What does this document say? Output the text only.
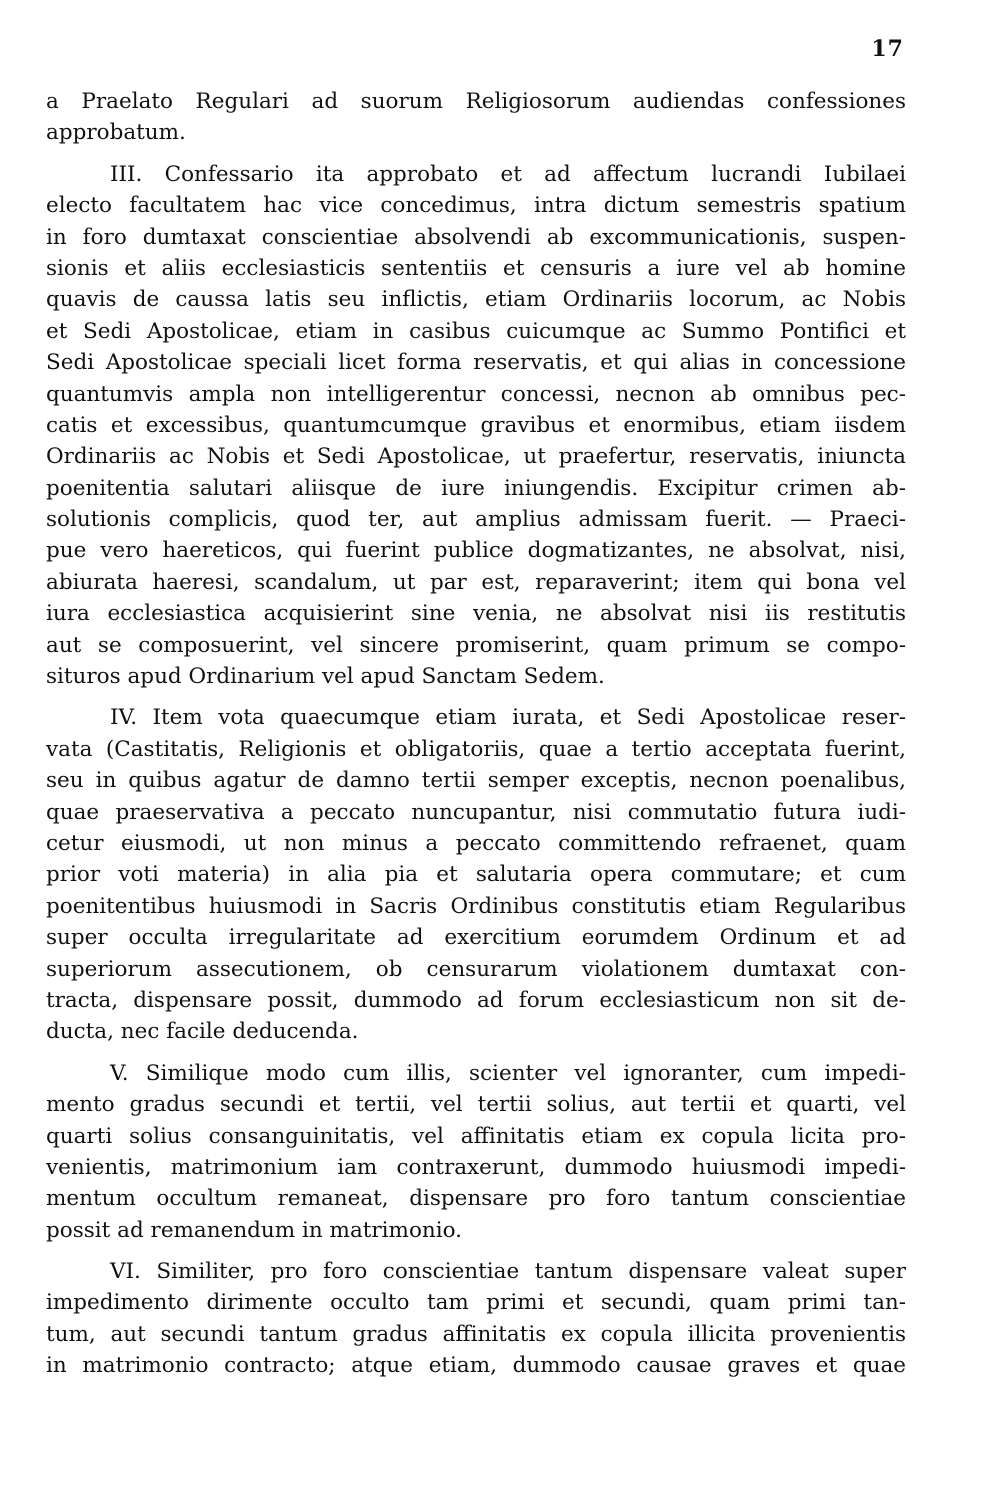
17
a Praelato Regulari ad suorum Religiosorum audiendas confessiones
approbatum.
III. Confessario ita approbato et ad affectum lucrandi Iubilaei
electo facultatem hac vice concedimus, intra dictum semestris spatium
in foro dumtaxat conscientiae absolvendi ab excommunicationis, suspen-
sionis et aliis ecclesiasticis sententiis et censuris a iure vel ab homine
quavis de caussa latis seu inflictis, etiam Ordinariis locorum, ac Nobis
et Sedi Apostolicae, etiam in casibus cuicumque ac Summo Pontifici et
Sedi Apostolicae speciali licet forma reservatis, et qui alias in concessione
quantumvis ampla non intelligerentur concessi, necnon ab omnibus pec-
catis et excessibus, quantumcumque gravibus et enormibus, etiam iisdem
Ordinariis ac Nobis et Sedi Apostolicae, ut praefertur, reservatis, iniuncta
poenitentia salutari aliisque de iure iniungendis. Excipitur crimen ab-
solutionis complicis, quod ter, aut amplius admissam fuerit. — Praeci-
pue vero haereticos, qui fuerint publice dogmatizantes, ne absolvat, nisi,
abiurata haeresi, scandalum, ut par est, reparaverint; item qui bona vel
iura ecclesiastica acquisierint sine venia, ne absolvat nisi iis restitutis
aut se composuerint, vel sincere promiserint, quam primum se compo-
situros apud Ordinarium vel apud Sanctam Sedem.
IV. Item vota quaecumque etiam iurata, et Sedi Apostolicae reser-
vata (Castitatis, Religionis et obligatoriis, quae a tertio acceptata fuerint,
seu in quibus agatur de damno tertii semper exceptis, necnon poenalibus,
quae praeservativa a peccato nuncupantur, nisi commutatio futura iudi-
cetur eiusmodi, ut non minus a peccato committendo refraenet, quam
prior voti materia) in alia pia et salutaria opera commutare; et cum
poenitentibus huiusmodi in Sacris Ordinibus constitutis etiam Regularibus
super occulta irregularitate ad exercitium eorumdem Ordinum et ad
superiorum assecutionem, ob censurarum violationem dumtaxat con-
tracta, dispensare possit, dummodo ad forum ecclesiasticum non sit de-
ducta, nec facile deducenda.
V. Similique modo cum illis, scienter vel ignoranter, cum impedi-
mento gradus secundi et tertii, vel tertii solius, aut tertii et quarti, vel
quarti solius consanguinitatis, vel affinitatis etiam ex copula licita pro-
venientis, matrimonium iam contraxerunt, dummodo huiusmodi impedi-
mentum occultum remaneat, dispensare pro foro tantum conscientiae
possit ad remanendum in matrimonio.
VI. Similiter, pro foro conscientiae tantum dispensare valeat super
impedimento dirimente occulto tam primi et secundi, quam primi tan-
tum, aut secundi tantum gradus affinitatis ex copula illicita provenientis
in matrimonio contracto; atque etiam, dummodo causae graves et quae
